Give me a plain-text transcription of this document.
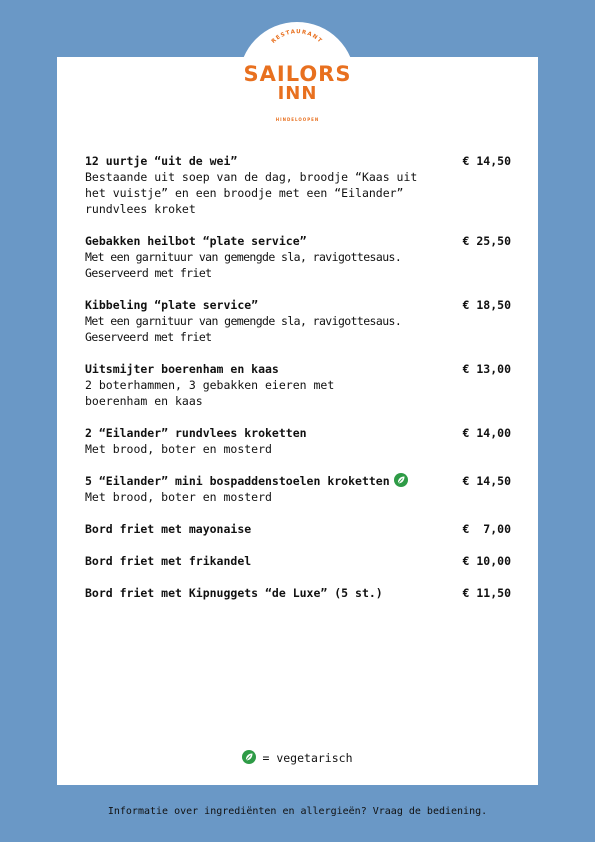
RESTAURANT
SAILORS
INN
HINDELOOPEN
12 uurtje “uit de wei”	€ 14,50
Bestaande uit soep van de dag, broodje “Kaas uit het vuistje” en een broodje met een “Eilander” rundvlees kroket
Gebakken heilbot “plate service”	€ 25,50
Met een garnituur van gemengde sla, ravigottesaus. Geserveerd met friet
Kibbeling “plate service”	€ 18,50
Met een garnituur van gemengde sla, ravigottesaus. Geserveerd met friet
Uitsmijter boerenham en kaas	€ 13,00
2 boterhammen, 3 gebakken eieren met boerenham en kaas
2 “Eilander” rundvlees kroketten	€ 14,00
Met brood, boter en mosterd
5 “Eilander” mini bospaddenstoelen kroketten	€ 14,50
Met brood, boter en mosterd
Bord friet met mayonaise	€  7,00
Bord friet met frikandel	€ 10,00
Bord friet met Kipnuggets “de Luxe” (5 st.)	€ 11,50
= vegetarisch
Informatie over ingrediënten en allergieën? Vraag de bediening.
